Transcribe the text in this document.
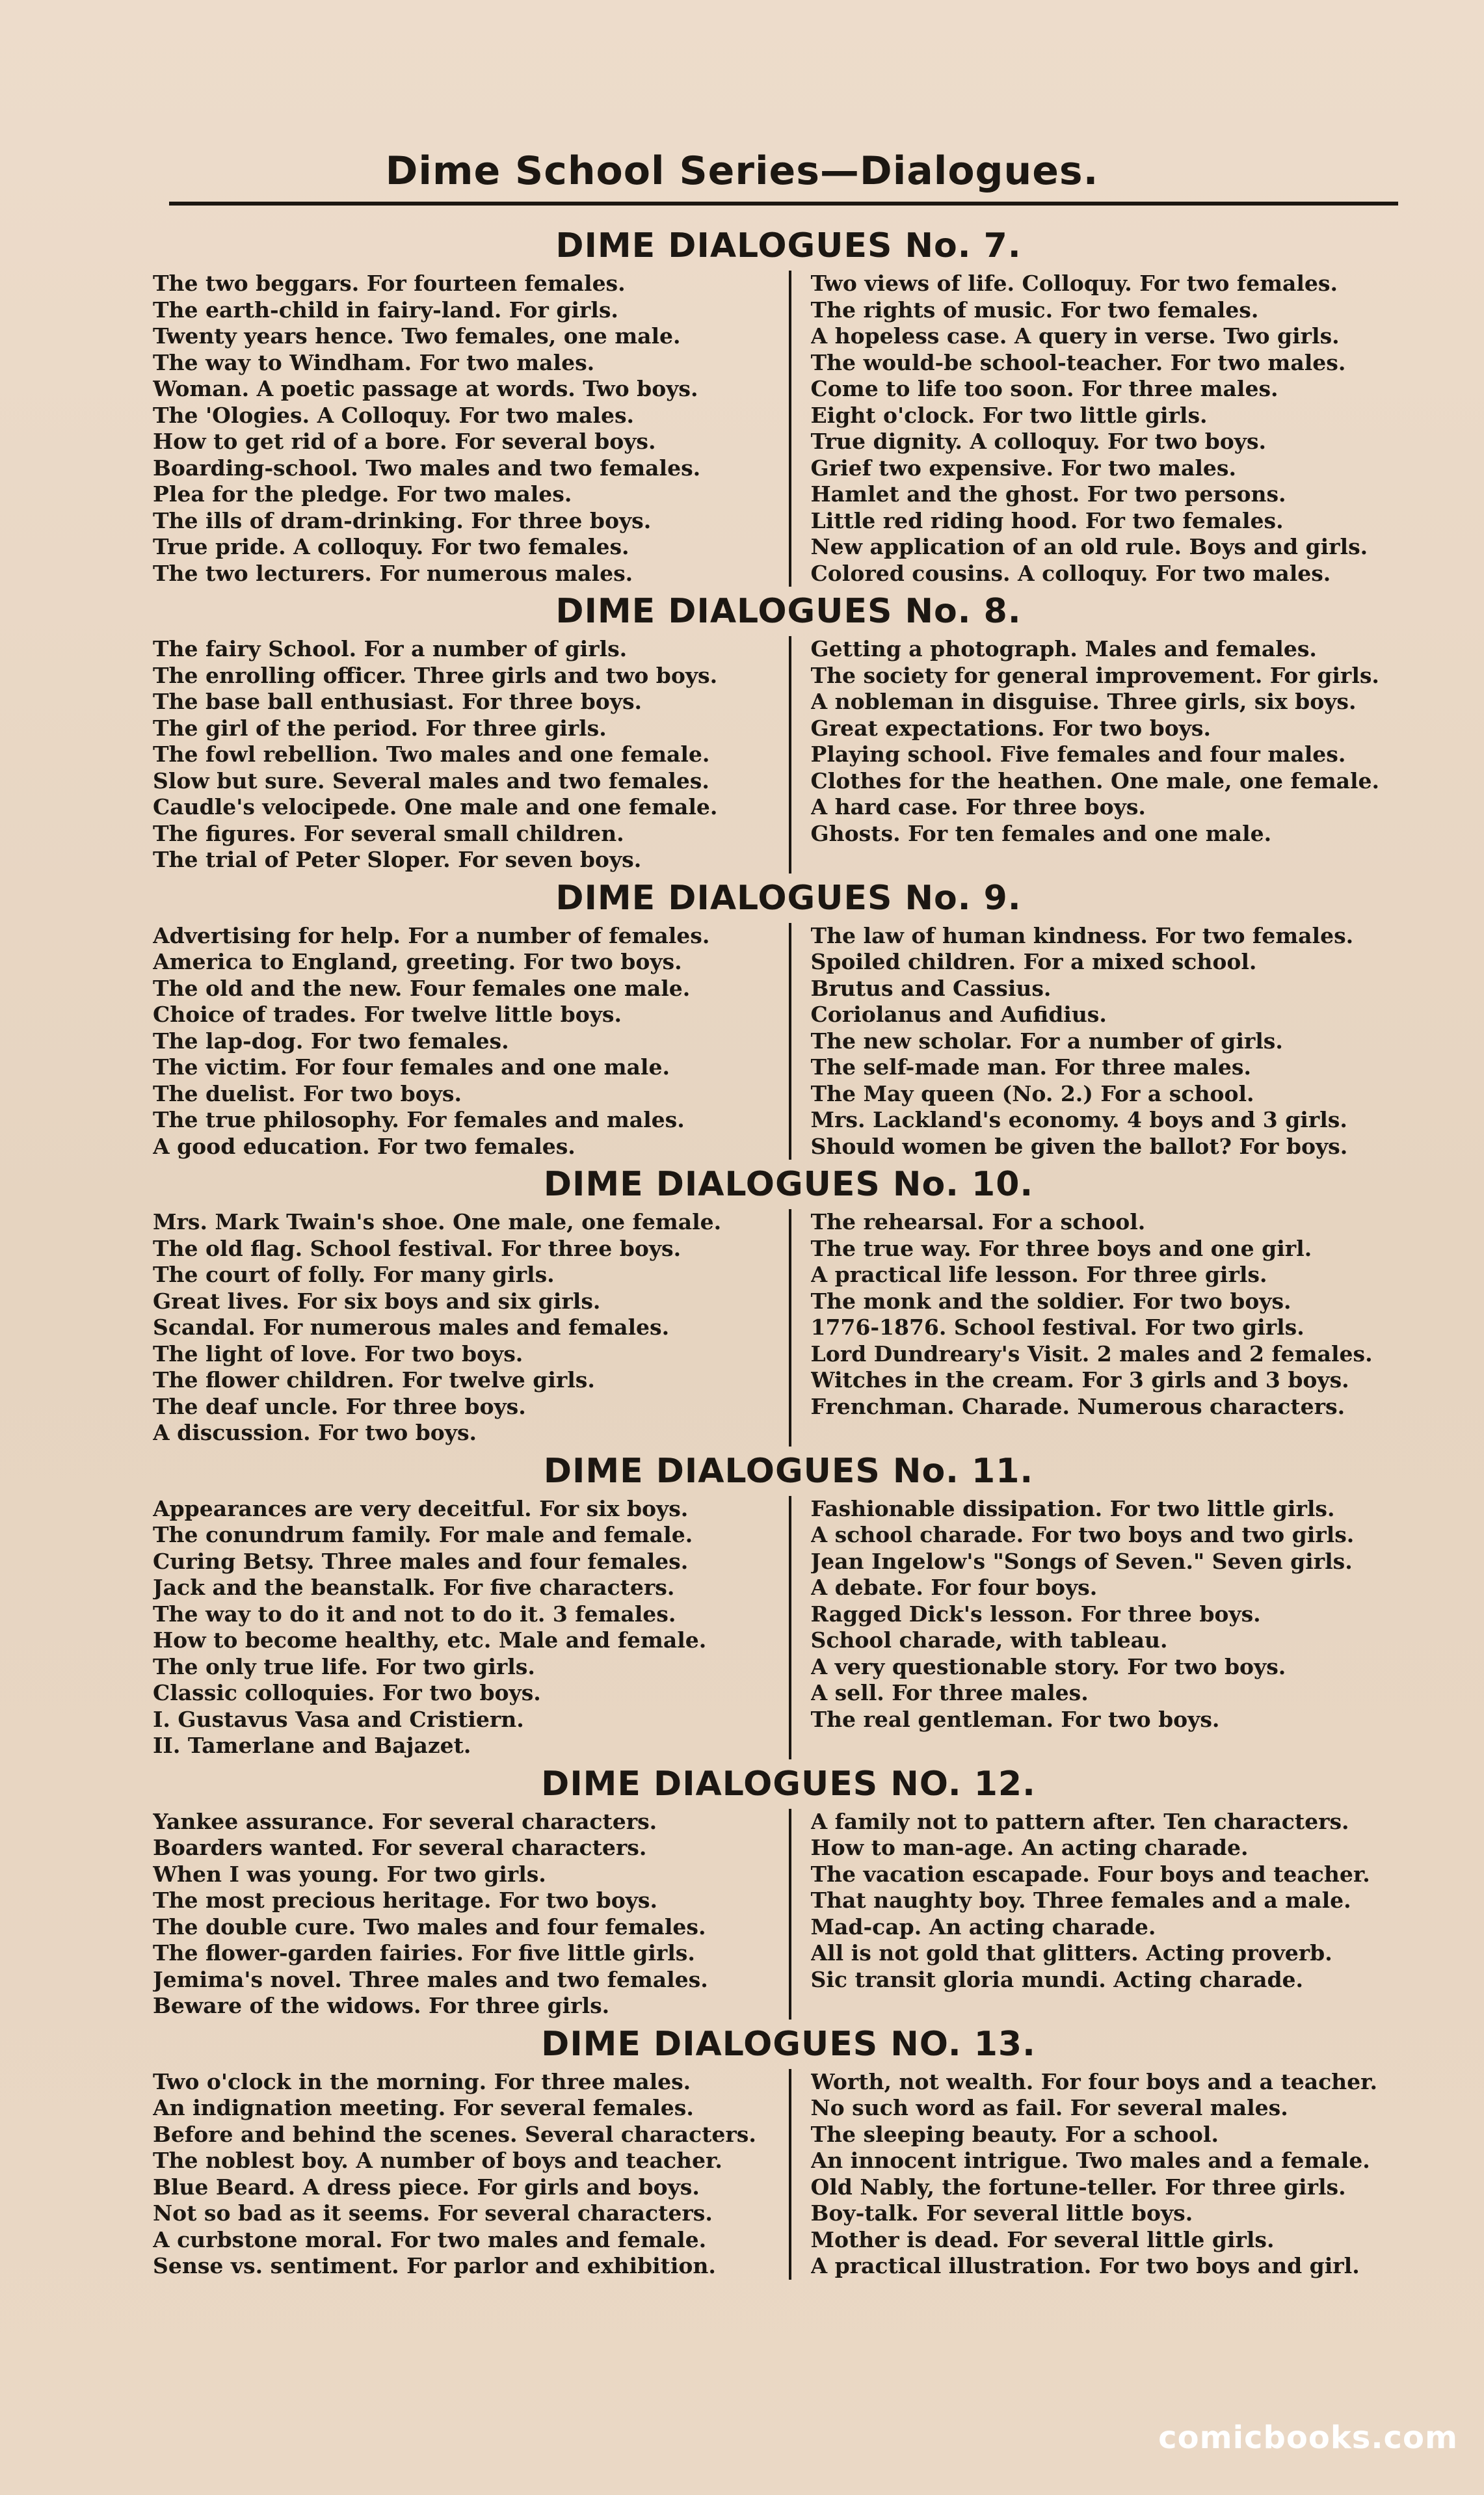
Dime School Series—Dialogues.
DIME DIALOGUES No. 7.
The two beggars. For fourteen females.
The earth-child in fairy-land. For girls.
Twenty years hence. Two females, one male.
The way to Windham. For two males.
Woman. A poetic passage at words. Two boys.
The 'Ologies. A Colloquy. For two males.
How to get rid of a bore. For several boys.
Boarding-school. Two males and two females.
Plea for the pledge. For two males.
The ills of dram-drinking. For three boys.
True pride. A colloquy. For two females.
The two lecturers. For numerous males.
Two views of life. Colloquy. For two females.
The rights of music. For two females.
A hopeless case. A query in verse. Two girls.
The would-be school-teacher. For two males.
Come to life too soon. For three males.
Eight o'clock. For two little girls.
True dignity. A colloquy. For two boys.
Grief two expensive. For two males.
Hamlet and the ghost. For two persons.
Little red riding hood. For two females.
New application of an old rule. Boys and girls.
Colored cousins. A colloquy. For two males.
DIME DIALOGUES No. 8.
The fairy School. For a number of girls.
The enrolling officer. Three girls and two boys.
The base ball enthusiast. For three boys.
The girl of the period. For three girls.
The fowl rebellion. Two males and one female.
Slow but sure. Several males and two females.
Caudle's velocipede. One male and one female.
The figures. For several small children.
The trial of Peter Sloper. For seven boys.
Getting a photograph. Males and females.
The society for general improvement. For girls.
A nobleman in disguise. Three girls, six boys.
Great expectations. For two boys.
Playing school. Five females and four males.
Clothes for the heathen. One male, one female.
A hard case. For three boys.
Ghosts. For ten females and one male.
DIME DIALOGUES No. 9.
Advertising for help. For a number of females.
America to England, greeting. For two boys.
The old and the new. Four females one male.
Choice of trades. For twelve little boys.
The lap-dog. For two females.
The victim. For four females and one male.
The duelist. For two boys.
The true philosophy. For females and males.
A good education. For two females.
The law of human kindness. For two females.
Spoiled children. For a mixed school.
Brutus and Cassius.
Coriolanus and Aufidius.
The new scholar. For a number of girls.
The self-made man. For three males.
The May queen (No. 2.) For a school.
Mrs. Lackland's economy. 4 boys and 3 girls.
Should women be given the ballot? For boys.
DIME DIALOGUES No. 10.
Mrs. Mark Twain's shoe. One male, one female.
The old flag. School festival. For three boys.
The court of folly. For many girls.
Great lives. For six boys and six girls.
Scandal. For numerous males and females.
The light of love. For two boys.
The flower children. For twelve girls.
The deaf uncle. For three boys.
A discussion. For two boys.
The rehearsal. For a school.
The true way. For three boys and one girl.
A practical life lesson. For three girls.
The monk and the soldier. For two boys.
1776-1876. School festival. For two girls.
Lord Dundreary's Visit. 2 males and 2 females.
Witches in the cream. For 3 girls and 3 boys.
Frenchman. Charade. Numerous characters.
DIME DIALOGUES No. 11.
Appearances are very deceitful. For six boys.
The conundrum family. For male and female.
Curing Betsy. Three males and four females.
Jack and the beanstalk. For five characters.
The way to do it and not to do it. 3 females.
How to become healthy, etc. Male and female.
The only true life. For two girls.
Classic colloquies. For two boys.
I. Gustavus Vasa and Cristiern.
II. Tamerlane and Bajazet.
Fashionable dissipation. For two little girls.
A school charade. For two boys and two girls.
Jean Ingelow's "Songs of Seven." Seven girls.
A debate. For four boys.
Ragged Dick's lesson. For three boys.
School charade, with tableau.
A very questionable story. For two boys.
A sell. For three males.
The real gentleman. For two boys.
DIME DIALOGUES NO. 12.
Yankee assurance. For several characters.
Boarders wanted. For several characters.
When I was young. For two girls.
The most precious heritage. For two boys.
The double cure. Two males and four females.
The flower-garden fairies. For five little girls.
Jemima's novel. Three males and two females.
Beware of the widows. For three girls.
A family not to pattern after. Ten characters.
How to man-age. An acting charade.
The vacation escapade. Four boys and teacher.
That naughty boy. Three females and a male.
Mad-cap. An acting charade.
All is not gold that glitters. Acting proverb.
Sic transit gloria mundi. Acting charade.
DIME DIALOGUES NO. 13.
Two o'clock in the morning. For three males.
An indignation meeting. For several females.
Before and behind the scenes. Several characters.
The noblest boy. A number of boys and teacher.
Blue Beard. A dress piece. For girls and boys.
Not so bad as it seems. For several characters.
A curbstone moral. For two males and female.
Sense vs. sentiment. For parlor and exhibition.
Worth, not wealth. For four boys and a teacher.
No such word as fail. For several males.
The sleeping beauty. For a school.
An innocent intrigue. Two males and a female.
Old Nably, the fortune-teller. For three girls.
Boy-talk. For several little boys.
Mother is dead. For several little girls.
A practical illustration. For two boys and girl.
comicbooks.com
